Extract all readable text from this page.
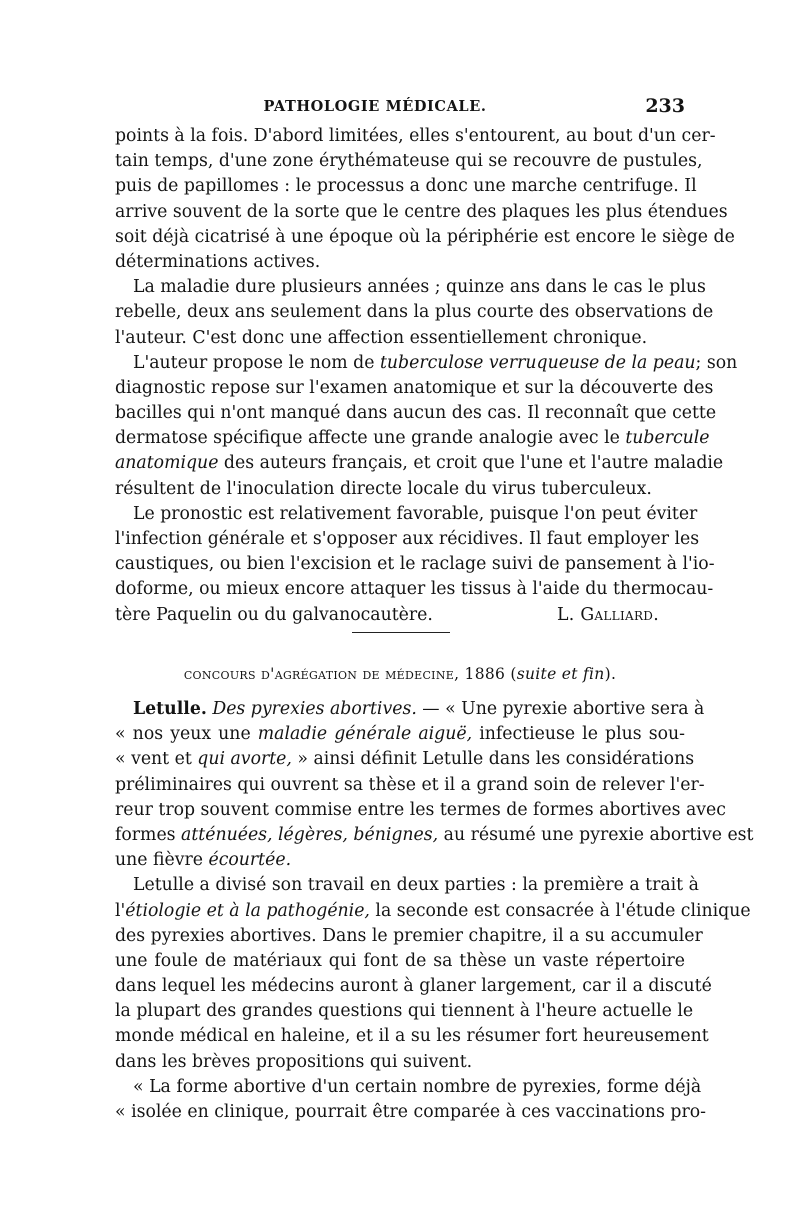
PATHOLOGIE MÉDICALE.	233
points à la fois. D'abord limitées, elles s'entourent, au bout d'un cer-
tain temps, d'une zone érythémateuse qui se recouvre de pustules,
puis de papillomes : le processus a donc une marche centrifuge. Il
arrive souvent de la sorte que le centre des plaques les plus étendues
soit déjà cicatrisé à une époque où la périphérie est encore le siège de
déterminations actives.
La maladie dure plusieurs années ; quinze ans dans le cas le plus
rebelle, deux ans seulement dans la plus courte des observations de
l'auteur. C'est donc une affection essentiellement chronique.
L'auteur propose le nom de tuberculose verruqueuse de la peau; son
diagnostic repose sur l'examen anatomique et sur la découverte des
bacilles qui n'ont manqué dans aucun des cas. Il reconnaît que cette
dermatose spécifique affecte une grande analogie avec le tubercule
anatomique des auteurs français, et croit que l'une et l'autre maladie
résultent de l'inoculation directe locale du virus tuberculeux.
Le pronostic est relativement favorable, puisque l'on peut éviter
l'infection générale et s'opposer aux récidives. Il faut employer les
caustiques, ou bien l'excision et le raclage suivi de pansement à l'io-
doforme, ou mieux encore attaquer les tissus à l'aide du thermocau-
tère Paquelin ou du galvanocautère.	L. Galliard.
concours d'agrégation de médecine, 1886 (suite et fin).
Letulle. Des pyrexies abortives. — « Une pyrexie abortive sera à
« nos yeux une maladie générale aiguë, infectieuse le plus sou-
« vent et qui avorte, » ainsi définit Letulle dans les considérations
préliminaires qui ouvrent sa thèse et il a grand soin de relever l'er-
reur trop souvent commise entre les termes de formes abortives avec
formes atténuées, légères, bénignes, au résumé une pyrexie abortive est
une fièvre écourtée.
Letulle a divisé son travail en deux parties : la première a trait à
l'étiologie et à la pathogénie, la seconde est consacrée à l'étude clinique
des pyrexies abortives. Dans le premier chapitre, il a su accumuler
une foule de matériaux qui font de sa thèse un vaste répertoire
dans lequel les médecins auront à glaner largement, car il a discuté
la plupart des grandes questions qui tiennent à l'heure actuelle le
monde médical en haleine, et il a su les résumer fort heureusement
dans les brèves propositions qui suivent.
« La forme abortive d'un certain nombre de pyrexies, forme déjà
« isolée en clinique, pourrait être comparée à ces vaccinations pro-
